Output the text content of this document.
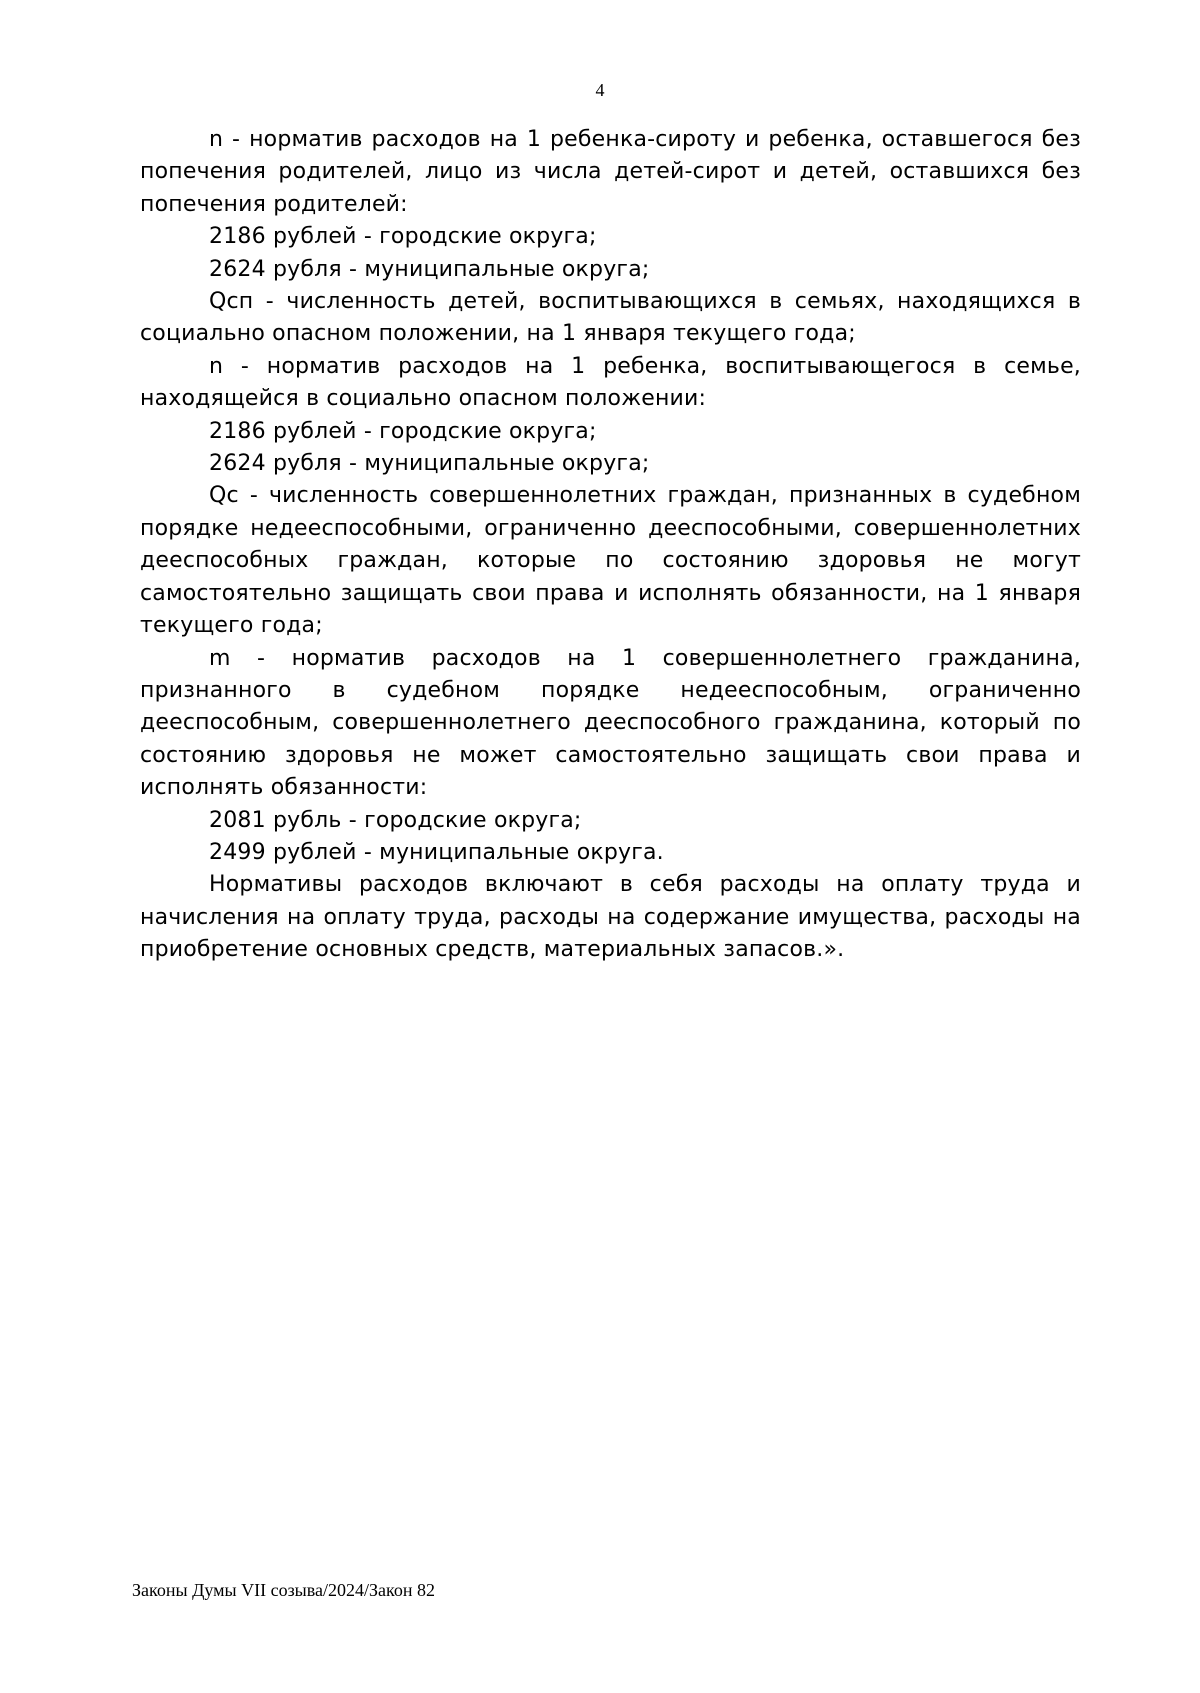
4

n - норматив расходов на 1 ребенка-сироту и ребенка, оставшегося без попечения родителей, лицо из числа детей-сирот и детей, оставшихся без попечения родителей:

2186 рублей - городские округа;

2624 рубля - муниципальные округа;

Qсп - численность детей, воспитывающихся в семьях, находящихся в социально опасном положении, на 1 января текущего года;

n - норматив расходов на 1 ребенка, воспитывающегося в семье, находящейся в социально опасном положении:

2186 рублей - городские округа;

2624 рубля - муниципальные округа;

Qс - численность совершеннолетних граждан, признанных в судебном порядке недееспособными, ограниченно дееспособными, совершеннолетних дееспособных граждан, которые по состоянию здоровья не могут самостоятельно защищать свои права и исполнять обязанности, на 1 января текущего года;

m - норматив расходов на 1 совершеннолетнего гражданина, признанного в судебном порядке недееспособным, ограниченно дееспособным, совершеннолетнего дееспособного гражданина, который по состоянию здоровья не может самостоятельно защищать свои права и исполнять обязанности:

2081 рубль - городские округа;

2499 рублей - муниципальные округа.

Нормативы расходов включают в себя расходы на оплату труда и начисления на оплату труда, расходы на содержание имущества, расходы на приобретение основных средств, материальных запасов.».

Законы Думы VII созыва/2024/Закон 82
